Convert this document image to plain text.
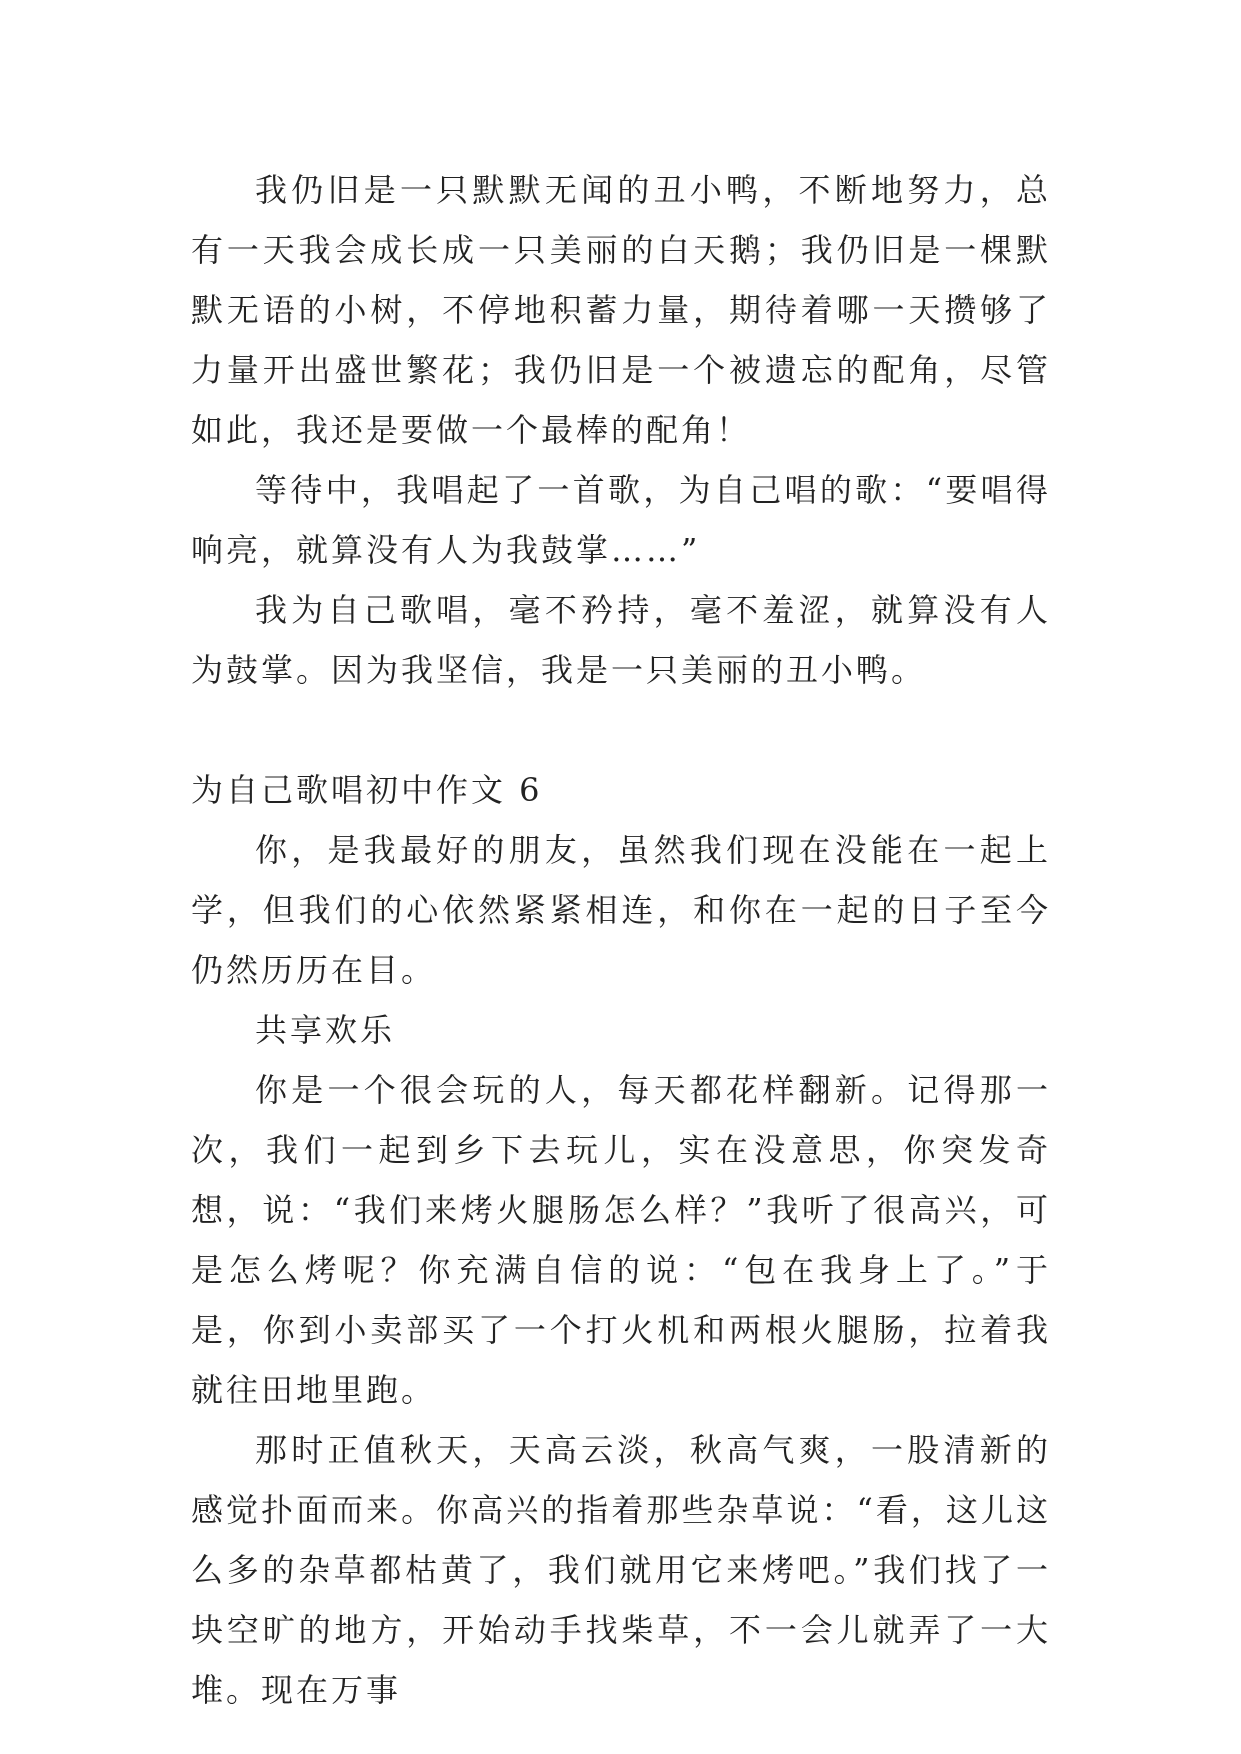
我仍旧是一只默默无闻的丑小鸭，不断地努力，总有一天我会成长成一只美丽的白天鹅；我仍旧是一棵默默无语的小树，不停地积蓄力量，期待着哪一天攒够了力量开出盛世繁花；我仍旧是一个被遗忘的配角，尽管如此，我还是要做一个最棒的配角！

等待中，我唱起了一首歌，为自己唱的歌：“要唱得响亮，就算没有人为我鼓掌……”

我为自己歌唱，毫不矜持，毫不羞涩，就算没有人为鼓掌。因为我坚信，我是一只美丽的丑小鸭。

为自己歌唱初中作文 6

你，是我最好的朋友，虽然我们现在没能在一起上学，但我们的心依然紧紧相连，和你在一起的日子至今仍然历历在目。

共享欢乐

你是一个很会玩的人，每天都花样翻新。记得那一次，我们一起到乡下去玩儿，实在没意思，你突发奇想，说：“我们来烤火腿肠怎么样？”我听了很高兴，可是怎么烤呢？你充满自信的说：“包在我身上了。”于是，你到小卖部买了一个打火机和两根火腿肠，拉着我就往田地里跑。

那时正值秋天，天高云淡，秋高气爽，一股清新的感觉扑面而来。你高兴的指着那些杂草说：“看，这儿这么多的杂草都枯黄了，我们就用它来烤吧。”我们找了一块空旷的地方，开始动手找柴草，不一会儿就弄了一大堆。现在万事
